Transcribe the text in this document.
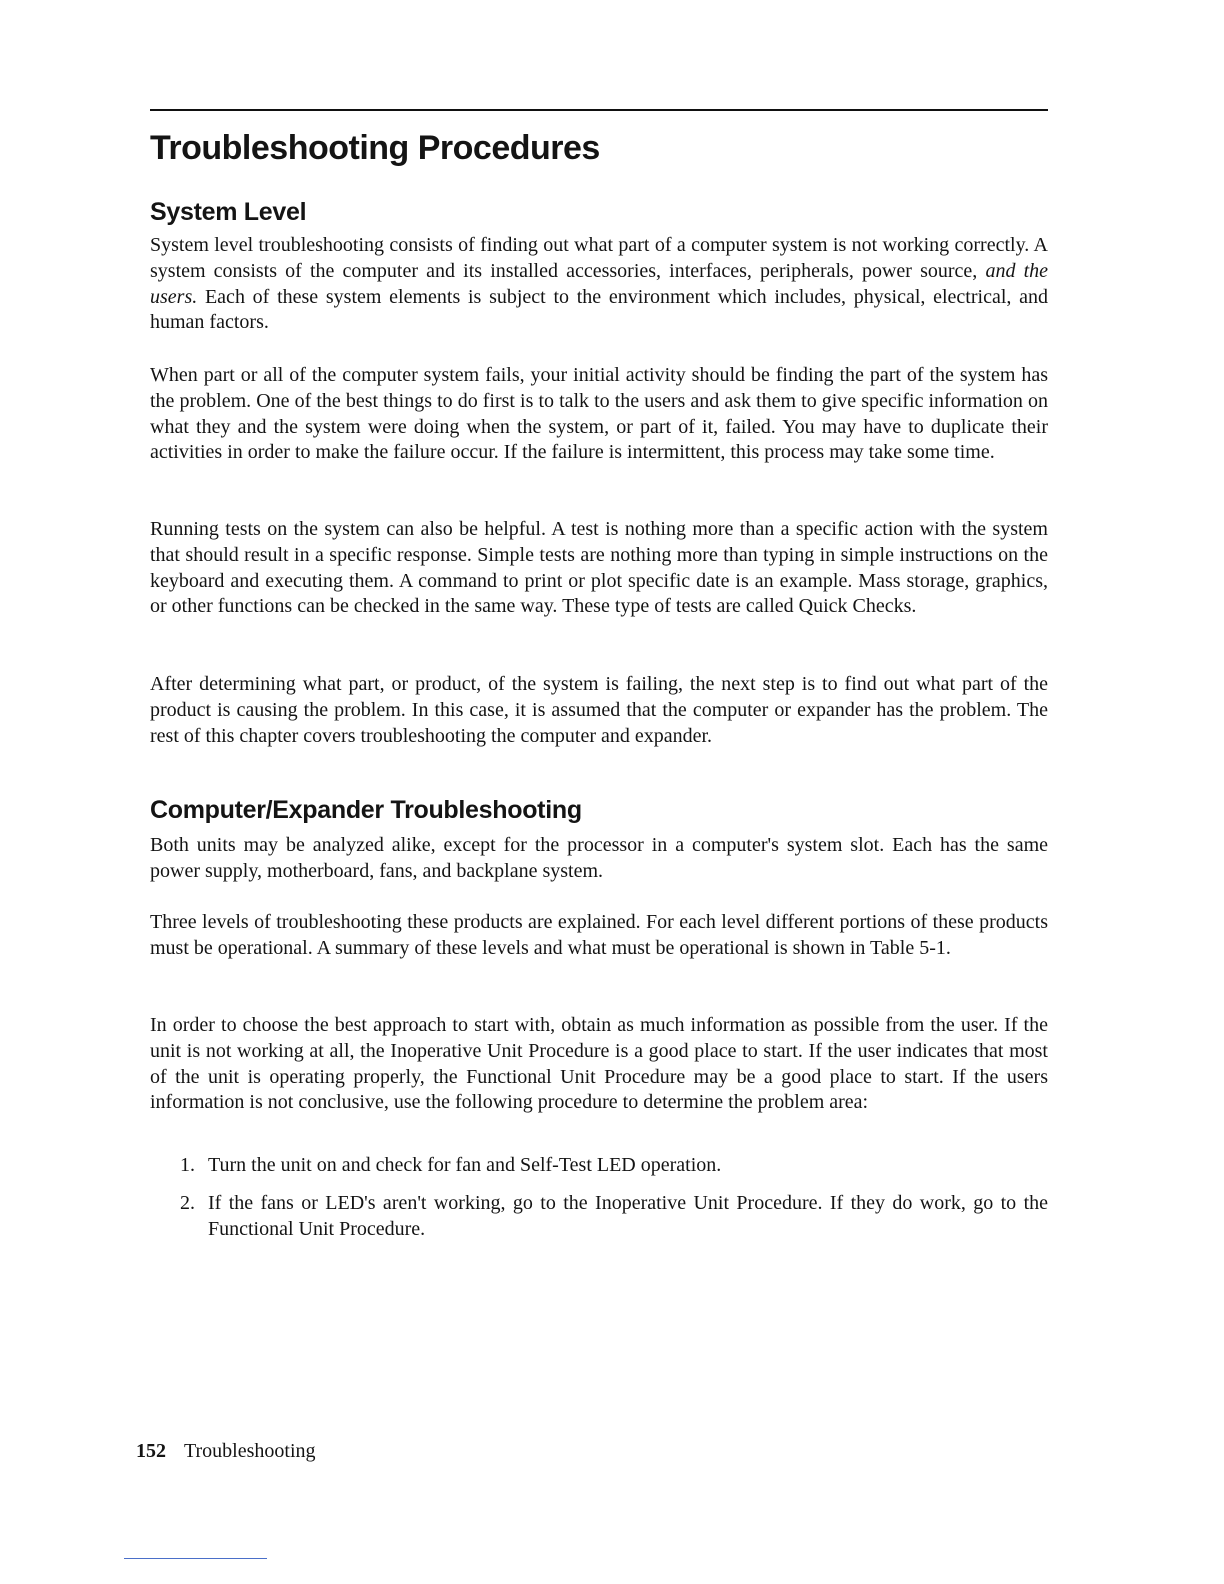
Troubleshooting Procedures
System Level

System level troubleshooting consists of finding out what part of a computer system is not working correctly. A system consists of the computer and its installed accessories, interfaces, peripherals, power source, and the users. Each of these system elements is subject to the environment which includes, physical, electrical, and human factors.

When part or all of the computer system fails, your initial activity should be finding the part of the system has the problem. One of the best things to do first is to talk to the users and ask them to give specific information on what they and the system were doing when the system, or part of it, failed. You may have to duplicate their activities in order to make the failure occur. If the failure is intermittent, this process may take some time.

Running tests on the system can also be helpful. A test is nothing more than a specific action with the system that should result in a specific response. Simple tests are nothing more than typing in simple instructions on the keyboard and executing them. A command to print or plot specific date is an example. Mass storage, graphics, or other functions can be checked in the same way. These type of tests are called Quick Checks.

After determining what part, or product, of the system is failing, the next step is to find out what part of the product is causing the problem. In this case, it is assumed that the computer or expander has the problem. The rest of this chapter covers troubleshooting the computer and expander.

Computer/Expander Troubleshooting

Both units may be analyzed alike, except for the processor in a computer's system slot. Each has the same power supply, motherboard, fans, and backplane system.

Three levels of troubleshooting these products are explained. For each level different portions of these products must be operational. A summary of these levels and what must be operational is shown in Table 5-1.

In order to choose the best approach to start with, obtain as much information as possible from the user. If the unit is not working at all, the Inoperative Unit Procedure is a good place to start. If the user indicates that most of the unit is operating properly, the Functional Unit Procedure may be a good place to start. If the users information is not conclusive, use the following procedure to determine the problem area:

1. Turn the unit on and check for fan and Self-Test LED operation.
2. If the fans or LED's aren't working, go to the Inoperative Unit Procedure. If they do work, go to the Functional Unit Procedure.
152 Troubleshooting
